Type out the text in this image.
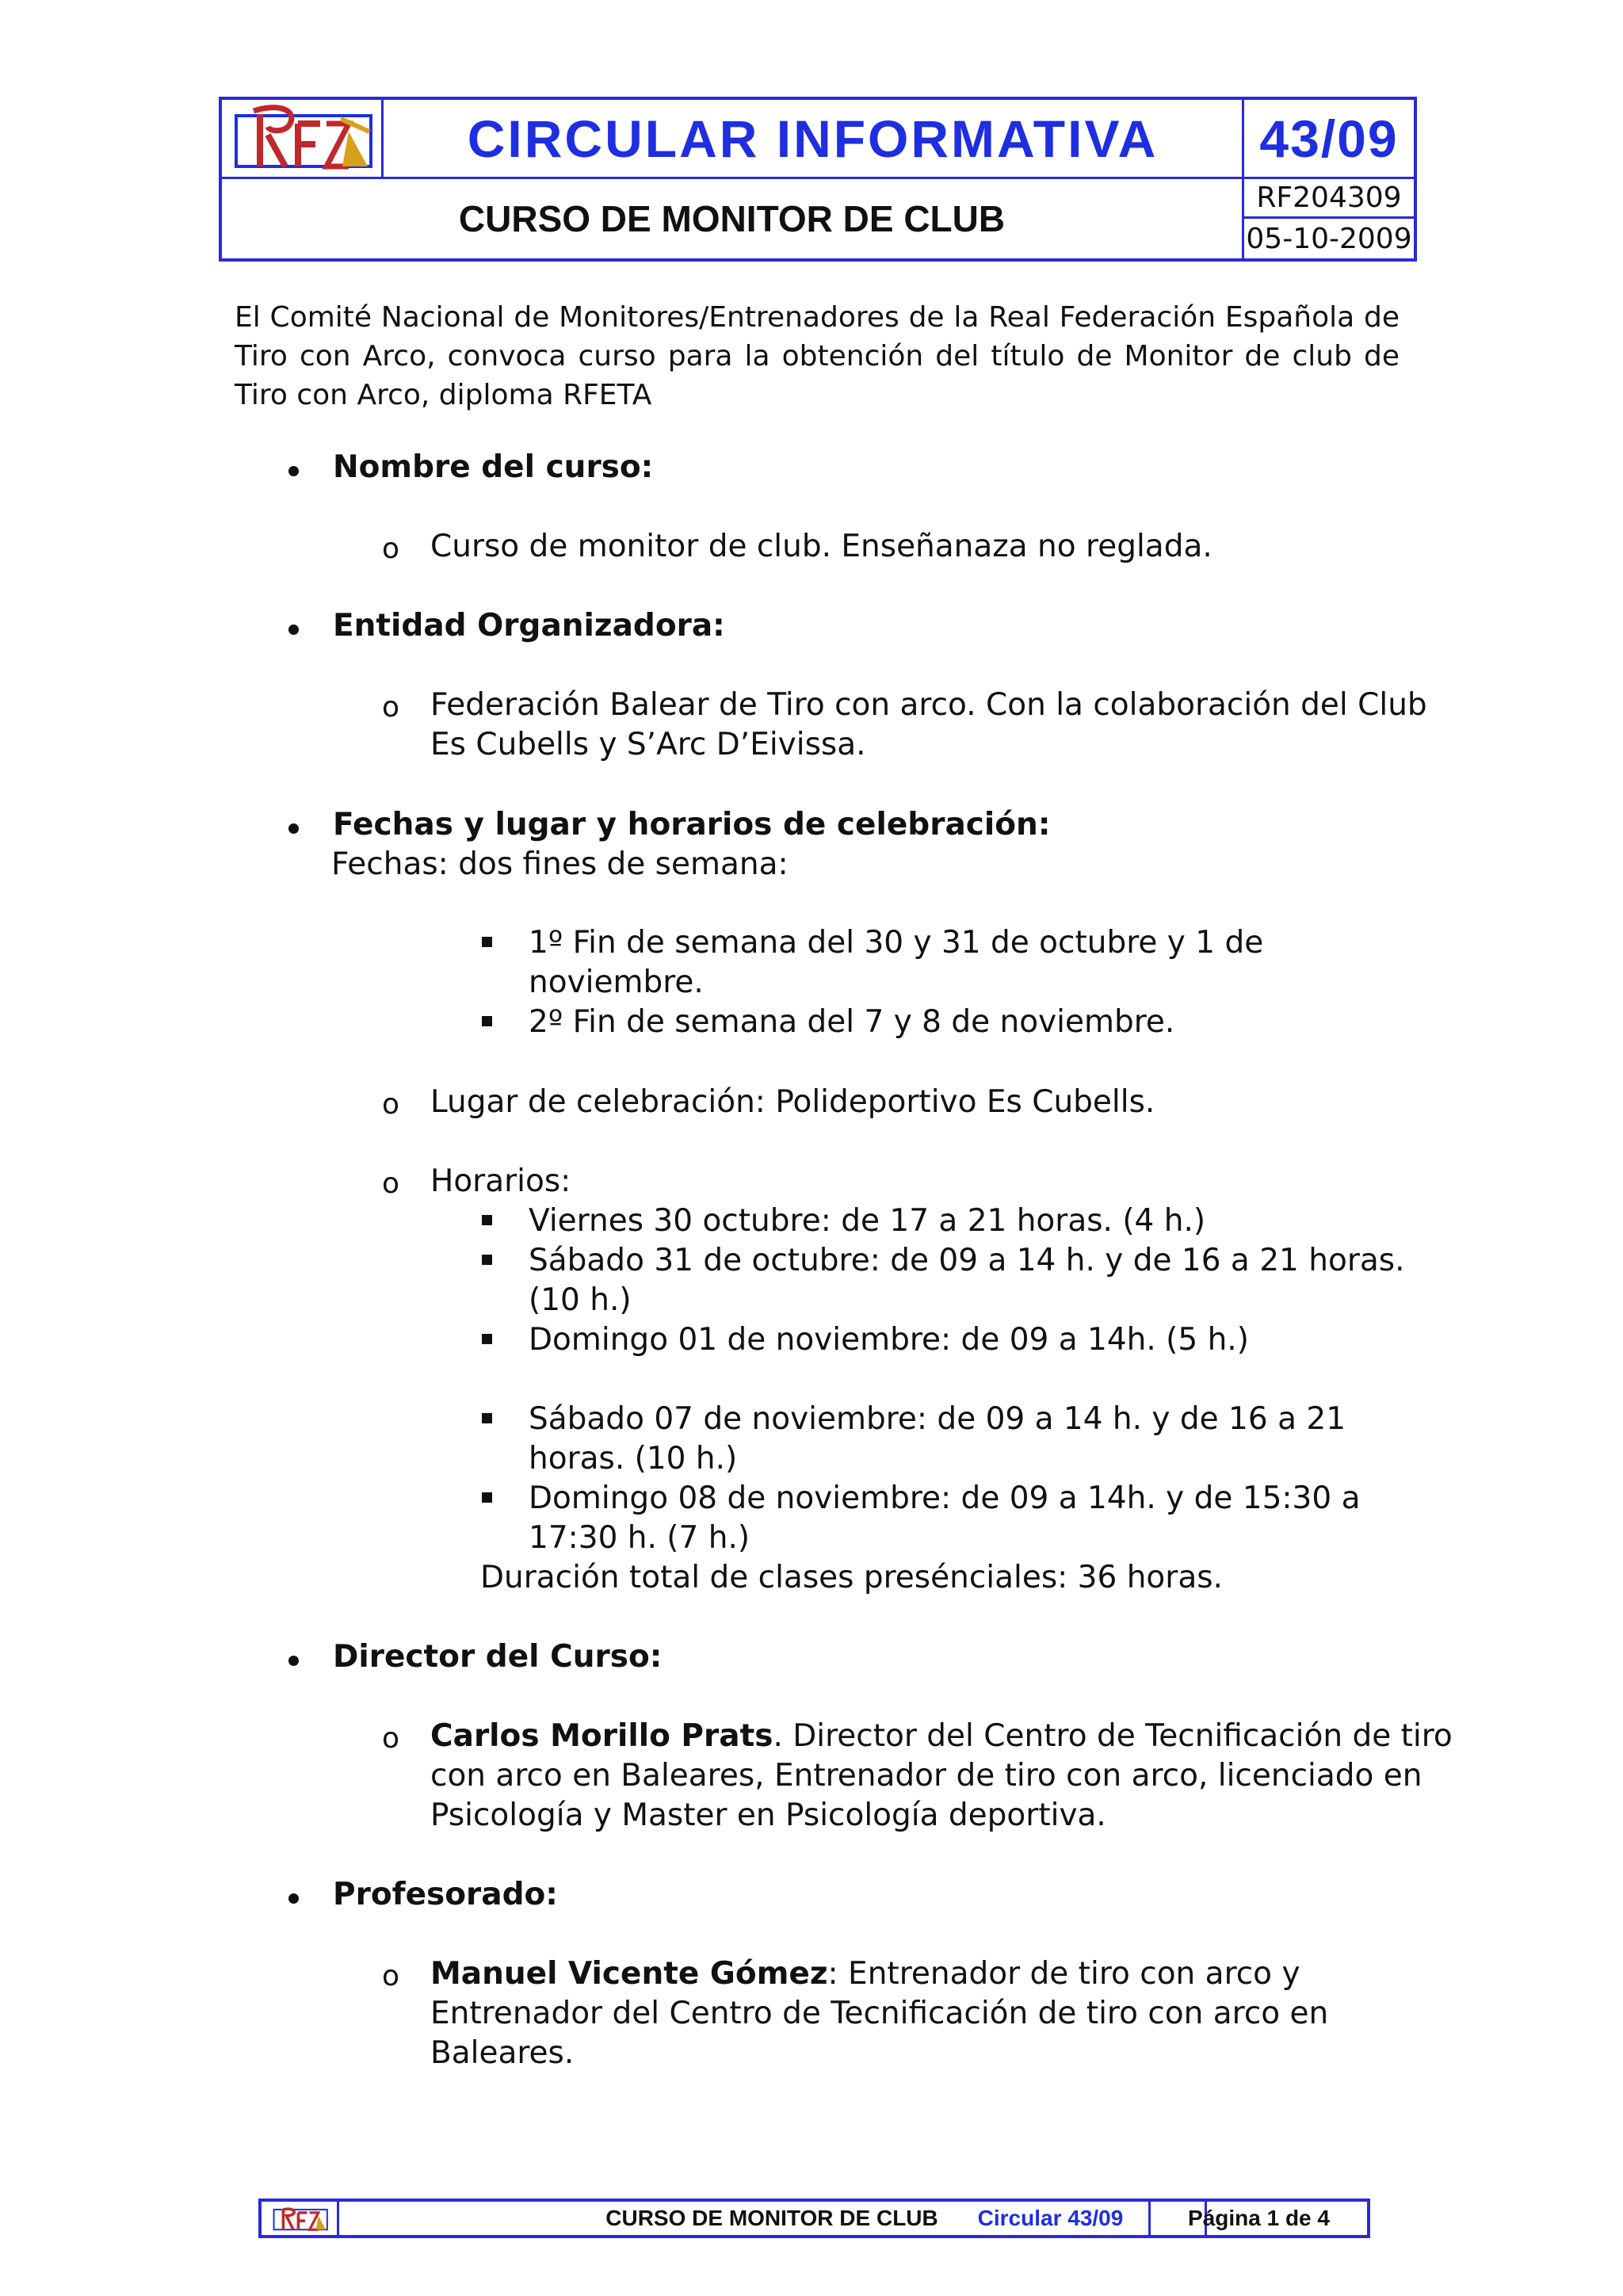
CIRCULAR INFORMATIVA 43/09
CURSO DE MONITOR DE CLUB
RF204309
05-10-2009
El Comité Nacional de Monitores/Entrenadores de la Real Federación Española de Tiro con Arco, convoca curso para la obtención del título de Monitor de club de Tiro con Arco, diploma RFETA
Nombre del curso:
o Curso de monitor de club. Enseñanaza no reglada.
Entidad Organizadora:
o Federación Balear de Tiro con arco. Con la colaboración del Club
Es Cubells y S’Arc D’Eivissa.
Fechas y lugar y horarios de celebración:
Fechas: dos fines de semana:
1º Fin de semana del 30 y 31 de octubre y 1 de
noviembre.
2º Fin de semana del 7 y 8 de noviembre.
o Lugar de celebración: Polideportivo Es Cubells.
o Horarios:
Viernes 30 octubre: de 17 a 21 horas. (4 h.)
Sábado 31 de octubre: de 09 a 14 h. y de 16 a 21 horas.
(10 h.)
Domingo 01 de noviembre: de 09 a 14h. (5 h.)
Sábado 07 de noviembre: de 09 a 14 h. y de 16 a 21
horas. (10 h.)
Domingo 08 de noviembre: de 09 a 14h. y de 15:30 a
17:30 h. (7 h.)
Duración total de clases presénciales: 36 horas.
Director del Curso:
o Carlos Morillo Prats. Director del Centro de Tecnificación de tiro
con arco en Baleares, Entrenador de tiro con arco, licenciado en
Psicología y Master en Psicología deportiva.
Profesorado:
o Manuel Vicente Gómez: Entrenador de tiro con arco y
Entrenador del Centro de Tecnificación de tiro con arco en
Baleares.
CURSO DE MONITOR DE CLUB Circular 43/09	Página 1 de 4
